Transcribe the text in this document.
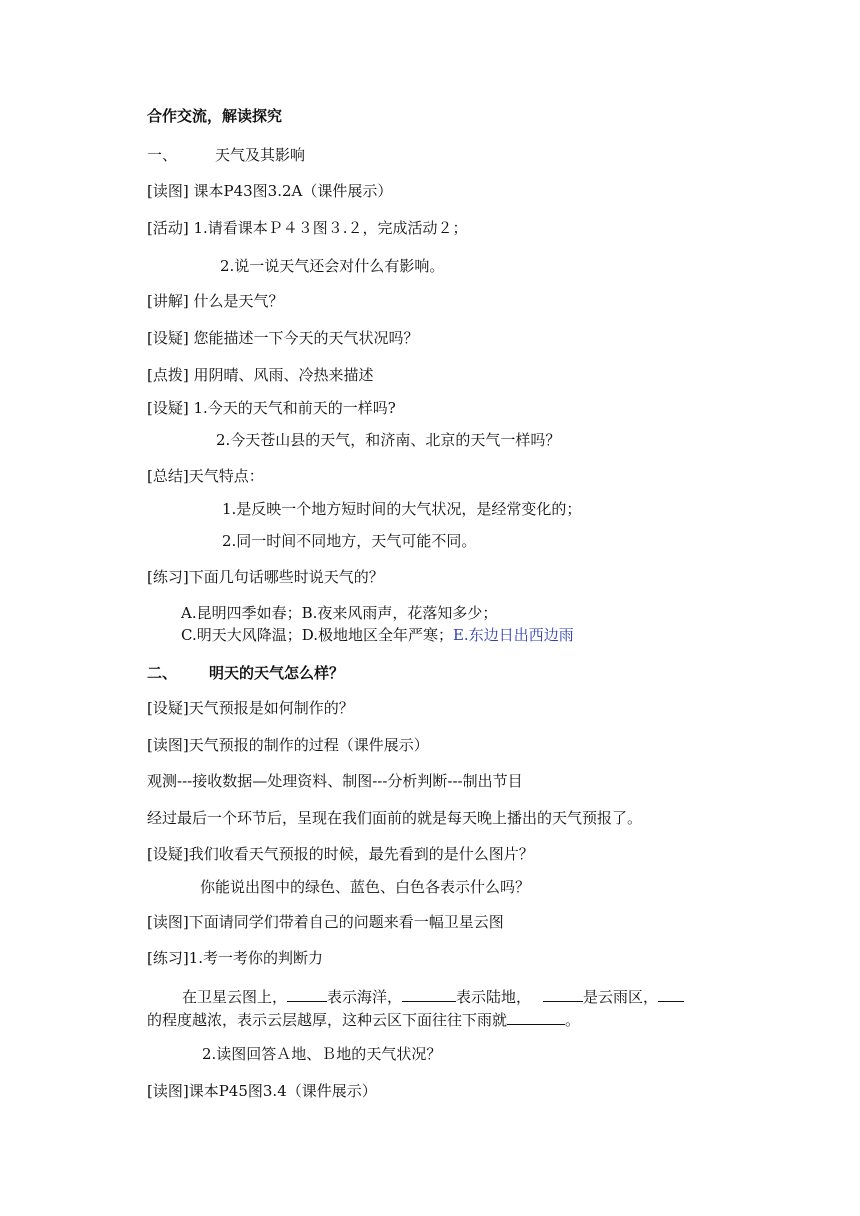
合作交流，解读探究
一、	天气及其影响
[读图] 课本P43图3.2A（课件展示）
[活动] 1.请看课本Ｐ４３图３.２，完成活动２；
2.说一说天气还会对什么有影响。
[讲解] 什么是天气？
[设疑] 您能描述一下今天的天气状况吗？
[点拨] 用阴晴、风雨、冷热来描述
[设疑] 1.今天的天气和前天的一样吗?
2.今天苍山县的天气，和济南、北京的天气一样吗？
[总结]天气特点：
1.是反映一个地方短时间的大气状况，是经常变化的；
2.同一时间不同地方，天气可能不同。
[练习]下面几句话哪些时说天气的？
A.昆明四季如春；B.夜来风雨声，花落知多少；
C.明天大风降温；D.极地地区全年严寒；E.东边日出西边雨
二、 明天的天气怎么样？
[设疑]天气预报是如何制作的？
[读图]天气预报的制作的过程（课件展示）
观测---接收数据—处理资料、制图---分析判断---制出节目
经过最后一个环节后，呈现在我们面前的就是每天晚上播出的天气预报了。
[设疑]我们收看天气预报的时候，最先看到的是什么图片？
你能说出图中的绿色、蓝色、白色各表示什么吗？
[读图]下面请同学们带着自己的问题来看一幅卫星云图
[练习]1.考一考你的判断力
在卫星云图上，	表示海洋，	表示陆地，	是云雨区，
的程度越浓，表示云层越厚，这种云区下面往往下雨就	。
2.读图回答Ａ地、Ｂ地的天气状况？
[读图]课本P45图3.4（课件展示）
